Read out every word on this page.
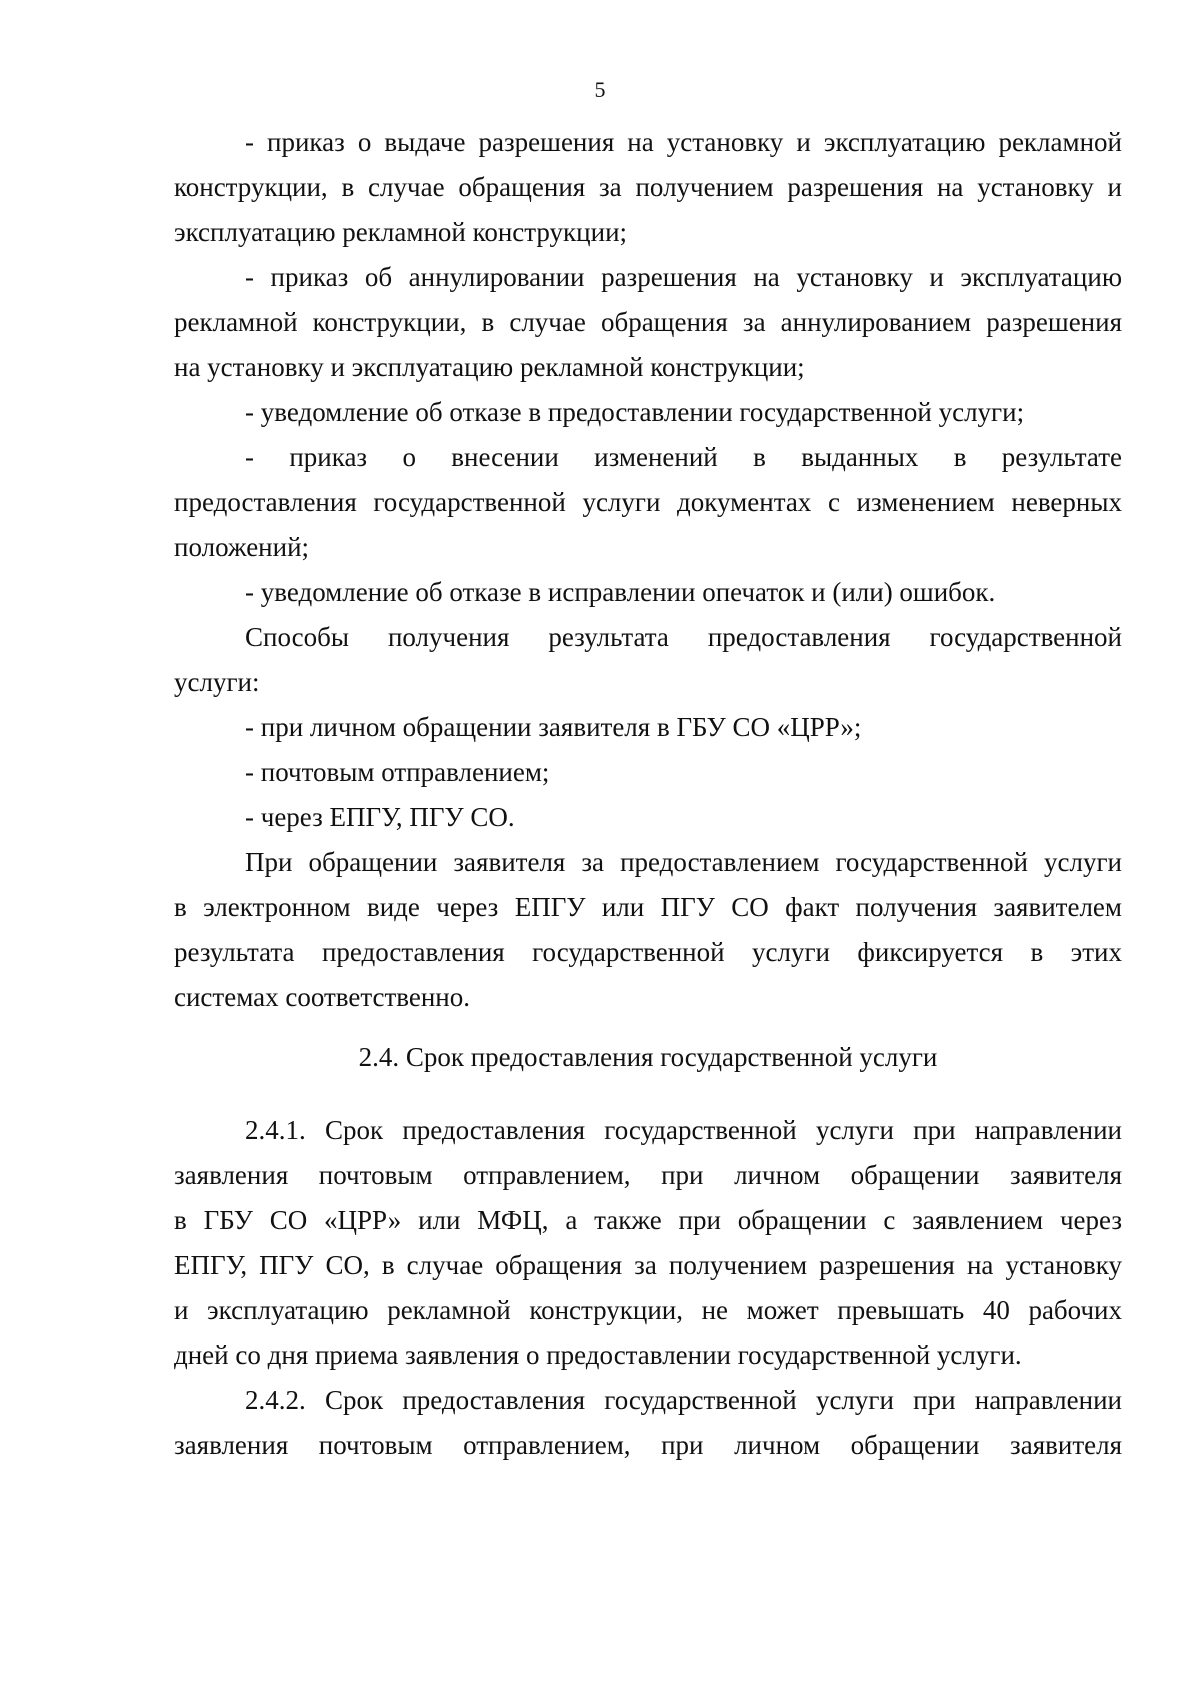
5
- приказ о выдаче разрешения на установку и эксплуатацию рекламной
конструкции, в случае обращения за получением разрешения на установку и
эксплуатацию рекламной конструкции;
- приказ об аннулировании разрешения на установку и эксплуатацию
рекламной конструкции, в случае обращения за аннулированием разрешения
на установку и эксплуатацию рекламной конструкции;
- уведомление об отказе в предоставлении государственной услуги;
- приказ о внесении изменений в выданных в результате
предоставления государственной услуги документах с изменением неверных
положений;
- уведомление об отказе в исправлении опечаток и (или) ошибок.
Способы получения результата предоставления государственной
услуги:
- при личном обращении заявителя в ГБУ СО «ЦРР»;
- почтовым отправлением;
- через ЕПГУ, ПГУ СО.
При обращении заявителя за предоставлением государственной услуги
в электронном виде через ЕПГУ или ПГУ СО факт получения заявителем
результата предоставления государственной услуги фиксируется в этих
системах соответственно.
2.4. Срок предоставления государственной услуги
2.4.1. Срок предоставления государственной услуги при направлении
заявления почтовым отправлением, при личном обращении заявителя
в ГБУ СО «ЦРР» или МФЦ, а также при обращении с заявлением через
ЕПГУ, ПГУ СО, в случае обращения за получением разрешения на установку
и эксплуатацию рекламной конструкции, не может превышать 40 рабочих
дней со дня приема заявления о предоставлении государственной услуги.
2.4.2. Срок предоставления государственной услуги при направлении
заявления почтовым отправлением, при личном обращении заявителя
